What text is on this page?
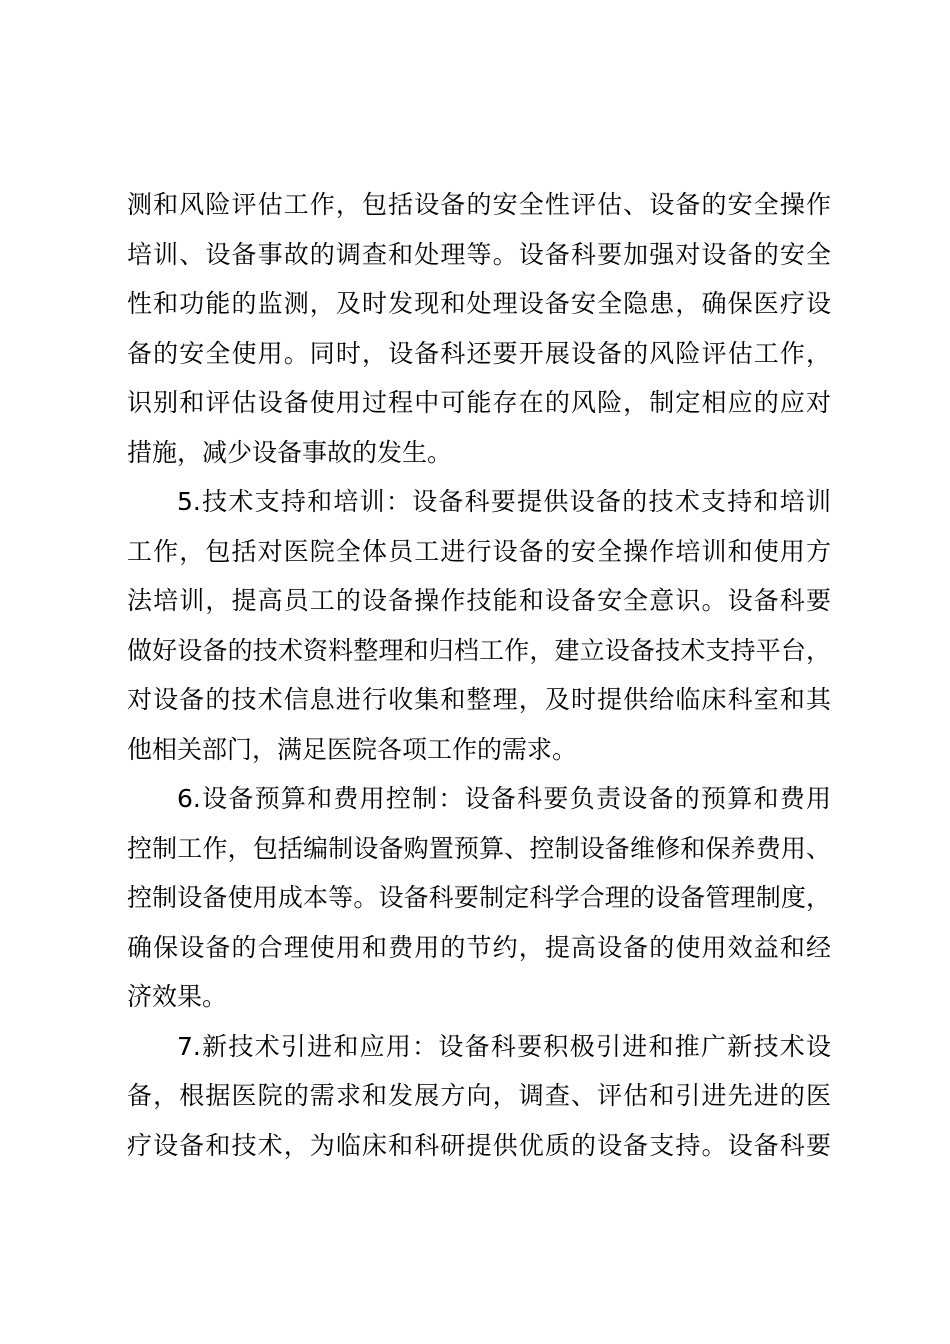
测和风险评估工作，包括设备的安全性评估、设备的安全操作
培训、设备事故的调查和处理等。设备科要加强对设备的安全
性和功能的监测，及时发现和处理设备安全隐患，确保医疗设
备的安全使用。同时，设备科还要开展设备的风险评估工作，
识别和评估设备使用过程中可能存在的风险，制定相应的应对
措施，减少设备事故的发生。
5.技术支持和培训：设备科要提供设备的技术支持和培训
工作，包括对医院全体员工进行设备的安全操作培训和使用方
法培训，提高员工的设备操作技能和设备安全意识。设备科要
做好设备的技术资料整理和归档工作，建立设备技术支持平台，
对设备的技术信息进行收集和整理，及时提供给临床科室和其
他相关部门，满足医院各项工作的需求。
6.设备预算和费用控制：设备科要负责设备的预算和费用
控制工作，包括编制设备购置预算、控制设备维修和保养费用、
控制设备使用成本等。设备科要制定科学合理的设备管理制度，
确保设备的合理使用和费用的节约，提高设备的使用效益和经
济效果。
7.新技术引进和应用：设备科要积极引进和推广新技术设
备，根据医院的需求和发展方向，调查、评估和引进先进的医
疗设备和技术，为临床和科研提供优质的设备支持。设备科要
